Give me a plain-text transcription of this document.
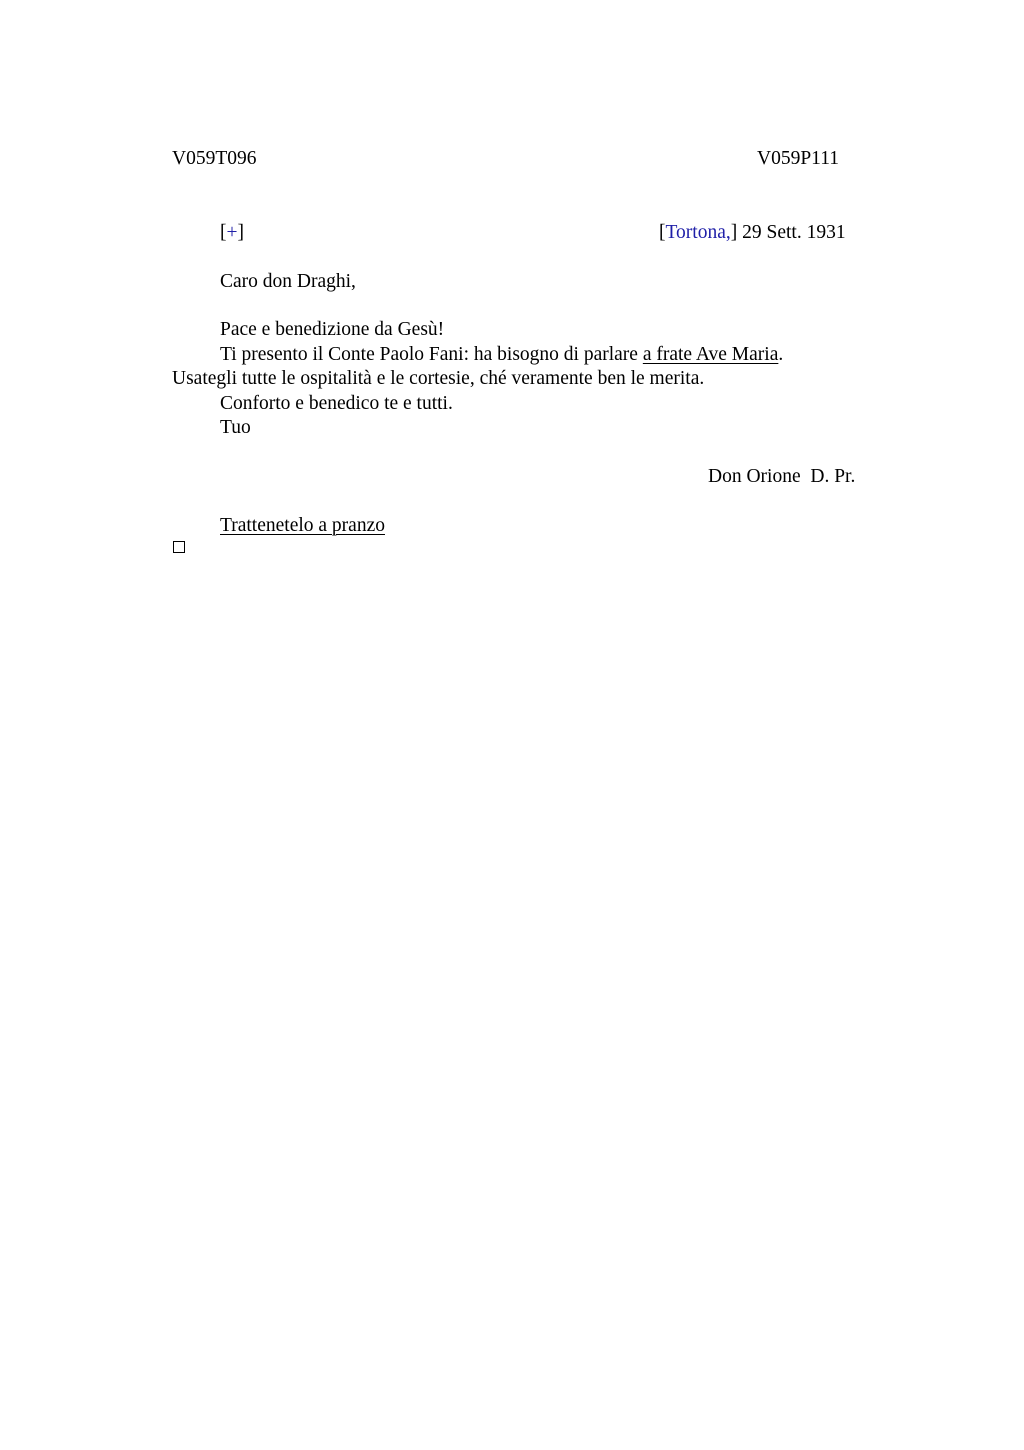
V059T096	V059P111
[+]	[Tortona,] 29 Sett. 1931
Caro don Draghi,
Pace e benedizione da Gesù!
Ti presento il Conte Paolo Fani: ha bisogno di parlare a frate Ave Maria.
Usategli tutte le ospitalità e le cortesie, ché veramente ben le merita.
Conforto e benedico te e tutti.
Tuo
Don Orione  D. Pr.
Trattenetelo a pranzo
